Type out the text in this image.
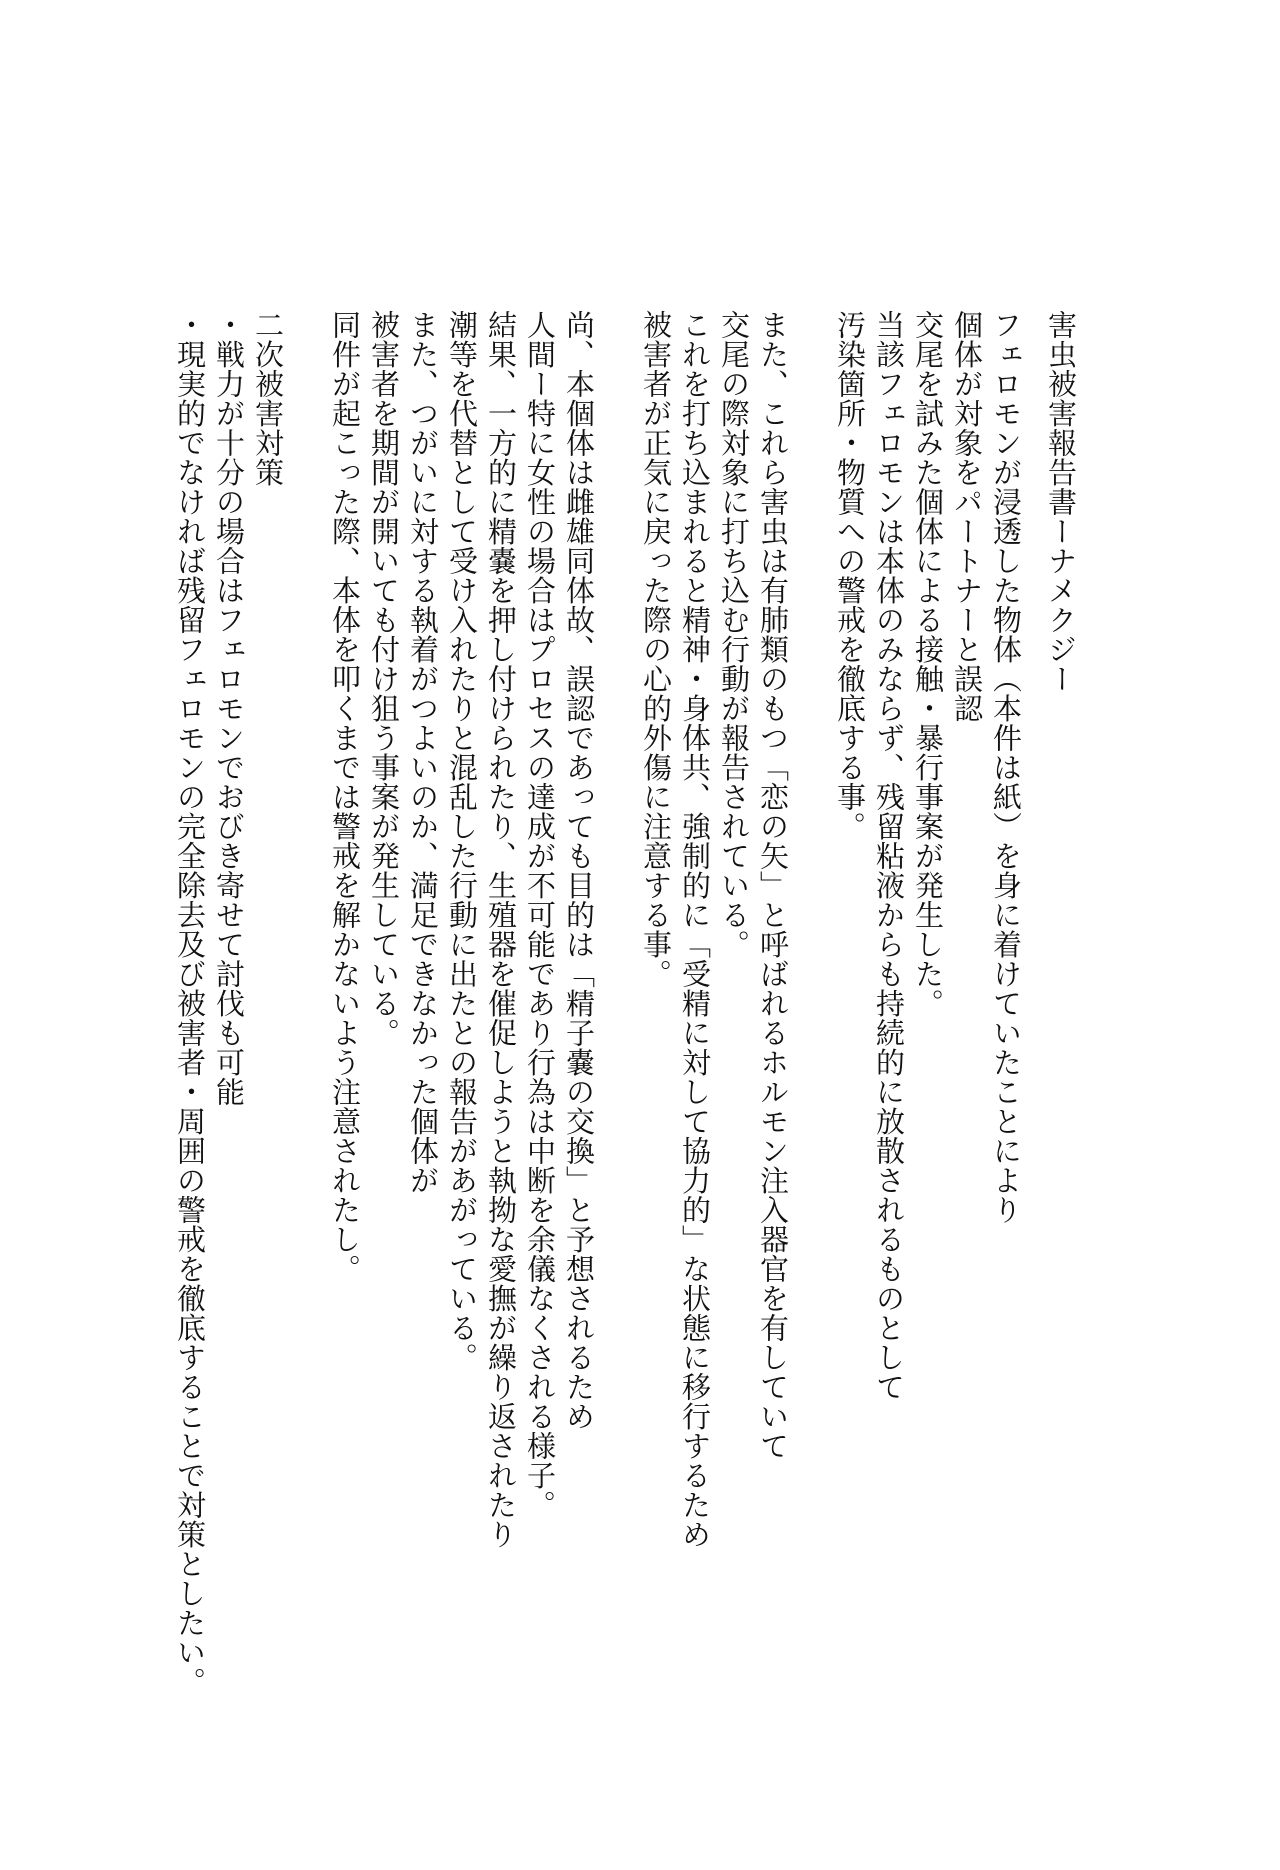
害虫被害報告書ーナメクジー
フェロモンが浸透した物体（本件は紙）を身に着けていたことにより
個体が対象をパートナーと誤認
交尾を試みた個体による接触・暴行事案が発生した。
当該フェロモンは本体のみならず、残留粘液からも持続的に放散されるものとして
汚染箇所・物質への警戒を徹底する事。
また、これら害虫は有肺類のもつ「恋の矢」と呼ばれるホルモン注入器官を有していて
交尾の際対象に打ち込む行動が報告されている。
これを打ち込まれると精神・身体共、強制的に「受精に対して協力的」な状態に移行するため
被害者が正気に戻った際の心的外傷に注意する事。
尚、本個体は雌雄同体故、誤認であっても目的は「精子嚢の交換」と予想されるため
人間ー特に女性の場合はプロセスの達成が不可能であり行為は中断を余儀なくされる様子。
結果、一方的に精嚢を押し付けられたり、生殖器を催促しようと執拗な愛撫が繰り返されたり
潮等を代替として受け入れたりと混乱した行動に出たとの報告があがっている。
また、つがいに対する執着がつよいのか、満足できなかった個体が
被害者を期間が開いても付け狙う事案が発生している。
同件が起こった際、本体を叩くまでは警戒を解かないよう注意されたし。
二次被害対策
・戦力が十分の場合はフェロモンでおびき寄せて討伐も可能
・現実的でなければ残留フェロモンの完全除去及び被害者・周囲の警戒を徹底することで対策としたい。
